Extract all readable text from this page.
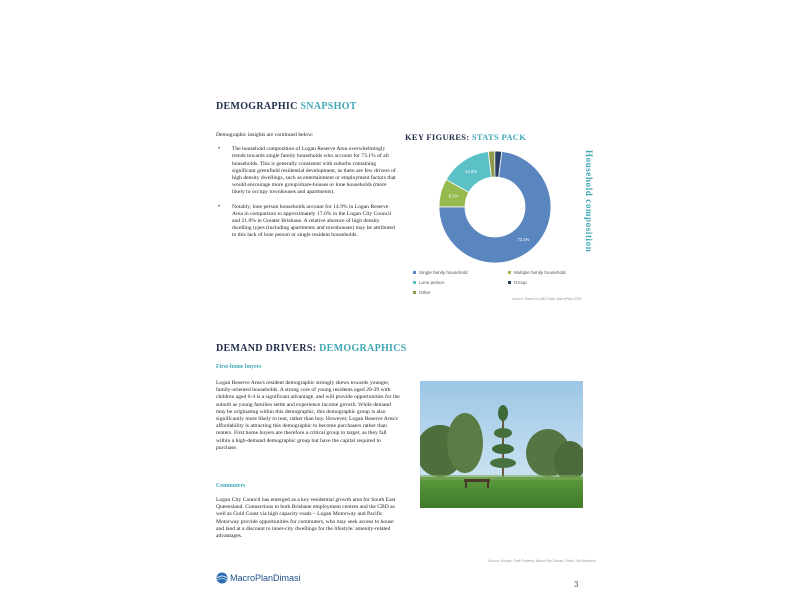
DEMOGRAPHIC SNAPSHOT

Demographic insights are continued below:

• The household composition of Logan Reserve Area overwhelmingly trends towards single family households who account for 73.1% of all households. This is generally consistent with suburbs containing significant greenfield residential development, as there are few drivers of high density dwellings, such as entertainment or employment factors that would encourage more group/share-houses or lone households (more likely to occupy townhouses and apartments).
• Notably, lone person households account for 14.9% in Logan Reserve Area in comparison to approximately 17.6% in the Logan City Council and 21.8% in Greater Brisbane. A relative absence of high density dwelling types (including apartments and townhouses) may be attributed to this lack of lone person or single resident households.
KEY FIGURES: STATS PACK
73.1%
8.1%
14.9%	Household composition
Single family household	Multiple family household
Lone person	Group
Other
Source: Based on ABS Data; MacroPlan 2018
DEMAND DRIVERS: DEMOGRAPHICS
First-home buyers
Logan Reserve Area's resident demographic strongly skews towards younger, family-oriented households. A strong core of young residents aged 20-39 with children aged 0-4 is a significant advantage, and will provide opportunities for the suburb as young families settle and experience income growth. While demand may be originating within this demographic, this demographic group is also significantly more likely to rent, rather than buy. However, Logan Reserve Area's affordability is attracting this demographic to become purchasers rather than renters. First home buyers are therefore a critical group to target, as they fall within a high-demand demographic group but have the capital required to purchase.
Commuters
Logan City Council has emerged as a key residential growth area for South East Queensland. Connections to both Brisbane employment centres and the CBD as well as Gold Coast via high capacity roads – Logan Motorway and Pacific Motorway provide opportunities for commuters, who may seek access to house and land at a discount to inner-city dwellings for the lifestyle/ amenity-related advantages.
Source: Google, Park Property, MacroPlan Dimasi, Photo Ted Anderson
MacroPlanDimasi
3
